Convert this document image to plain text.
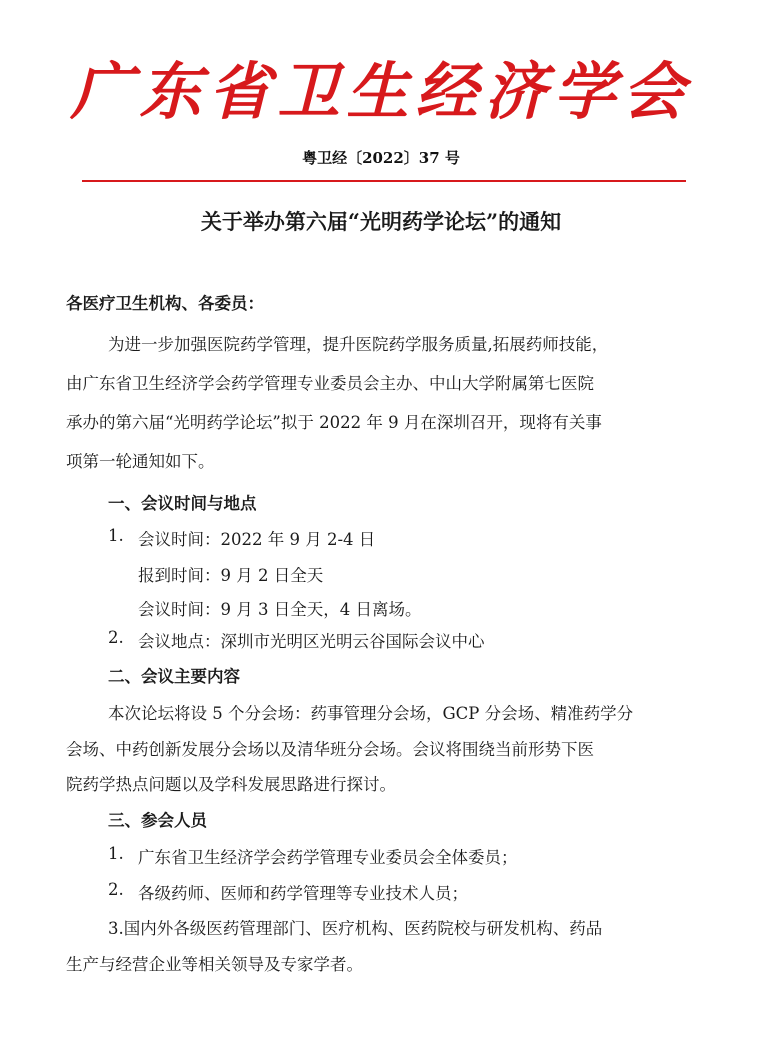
广东省卫生经济学会
粤卫经〔2022〕37 号
关于举办第六届“光明药学论坛”的通知
各医疗卫生机构、各委员：
为进一步加强医院药学管理，提升医院药学服务质量,拓展药师技能，
由广东省卫生经济学会药学管理专业委员会主办、中山大学附属第七医院
承办的第六届“光明药学论坛”拟于 2022 年 9 月在深圳召开，现将有关事
项第一轮通知如下。
一、会议时间与地点
1. 会议时间：2022 年 9 月 2-4 日
报到时间：9 月 2 日全天
会议时间：9 月 3 日全天，4 日离场。
2. 会议地点：深圳市光明区光明云谷国际会议中心
二、会议主要内容
本次论坛将设 5 个分会场：药事管理分会场，GCP 分会场、精准药学分
会场、中药创新发展分会场以及清华班分会场。会议将围绕当前形势下医
院药学热点问题以及学科发展思路进行探讨。
三、参会人员
1. 广东省卫生经济学会药学管理专业委员会全体委员；
2. 各级药师、医师和药学管理等专业技术人员；
3.国内外各级医药管理部门、医疗机构、医药院校与研发机构、药品
生产与经营企业等相关领导及专家学者。
